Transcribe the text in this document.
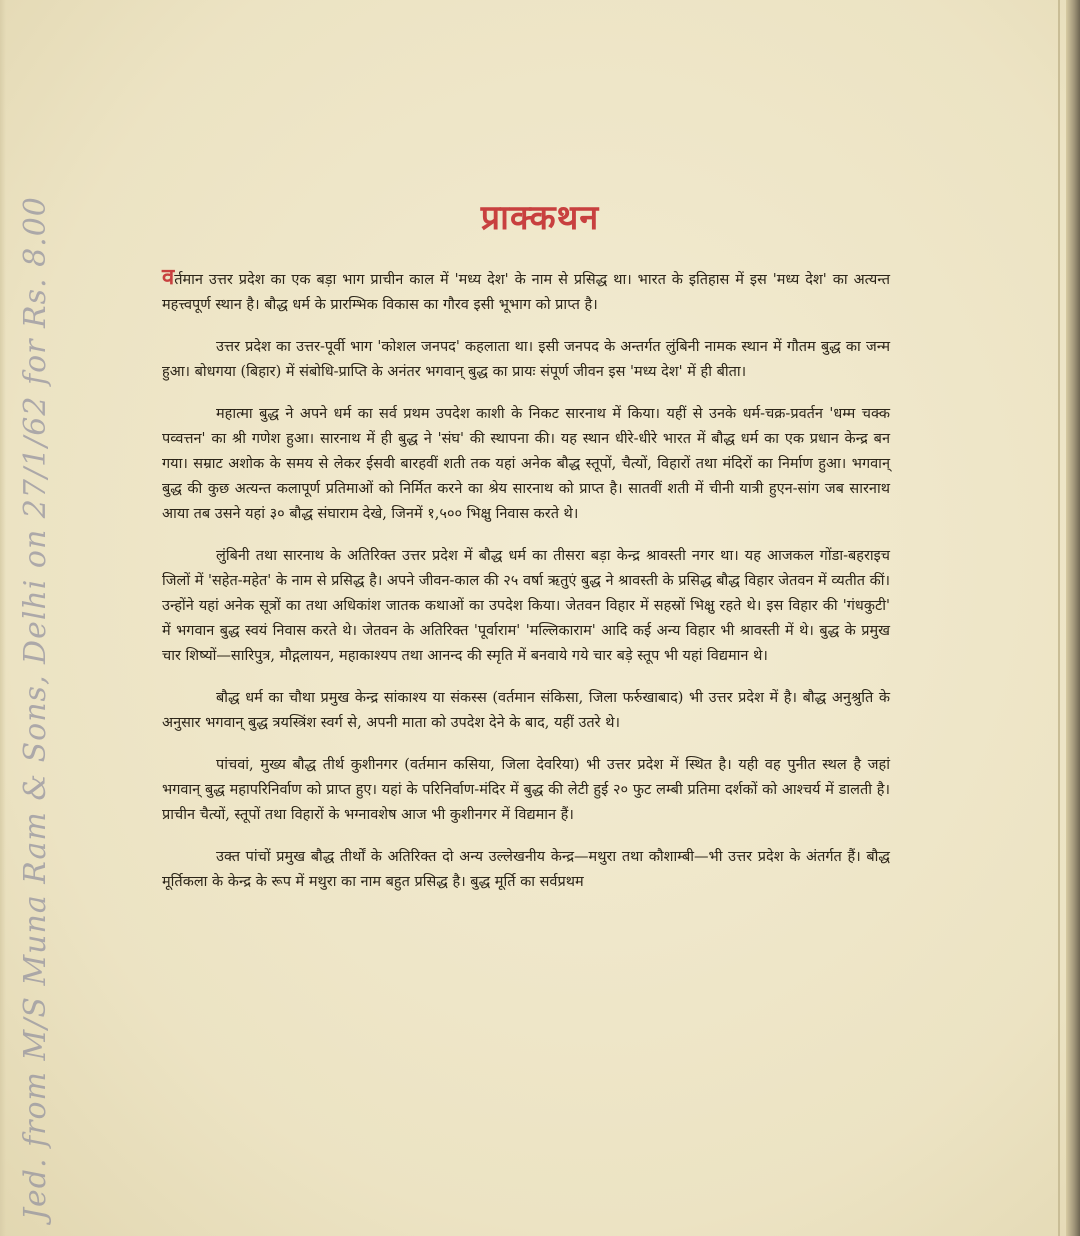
Jed. from M/S Muna Ram & Sons, Delhi on 27/1/62 for Rs. 8.00	प्राक्कथन

वर्तमान उत्तर प्रदेश का एक बड़ा भाग प्राचीन काल में 'मध्य देश' के नाम से प्रसिद्ध था। भारत के इतिहास में इस 'मध्य देश' का अत्यन्त महत्त्वपूर्ण स्थान है। बौद्ध धर्म के प्रारम्भिक विकास का गौरव इसी भूभाग को प्राप्त है।

उत्तर प्रदेश का उत्तर-पूर्वी भाग 'कोशल जनपद' कहलाता था। इसी जनपद के अन्तर्गत लुंबिनी नामक स्थान में गौतम बुद्ध का जन्म हुआ। बोधगया (बिहार) में संबोधि-प्राप्ति के अनंतर भगवान् बुद्ध का प्रायः संपूर्ण जीवन इस 'मध्य देश' में ही बीता।

महात्मा बुद्ध ने अपने धर्म का सर्व प्रथम उपदेश काशी के निकट सारनाथ में किया। यहीं से उनके धर्म-चक्र-प्रवर्तन 'धम्म चक्क पव्वत्तन' का श्री गणेश हुआ। सारनाथ में ही बुद्ध ने 'संघ' की स्थापना की। यह स्थान धीरे-धीरे भारत में बौद्ध धर्म का एक प्रधान केन्द्र बन गया। सम्राट अशोक के समय से लेकर ईसवी बारहवीं शती तक यहां अनेक बौद्ध स्तूपों, चैत्यों, विहारों तथा मंदिरों का निर्माण हुआ। भगवान् बुद्ध की कुछ अत्यन्त कलापूर्ण प्रतिमाओं को निर्मित करने का श्रेय सारनाथ को प्राप्त है। सातवीं शती में चीनी यात्री हुएन-सांग जब सारनाथ आया तब उसने यहां ३० बौद्ध संघाराम देखे, जिनमें १,५०० भिक्षु निवास करते थे।

लुंबिनी तथा सारनाथ के अतिरिक्त उत्तर प्रदेश में बौद्ध धर्म का तीसरा बड़ा केन्द्र श्रावस्ती नगर था। यह आजकल गोंडा-बहराइच जिलों में 'सहेत-महेत' के नाम से प्रसिद्ध है। अपने जीवन-काल की २५ वर्षा ऋतुएं बुद्ध ने श्रावस्ती के प्रसिद्ध बौद्ध विहार जेतवन में व्यतीत कीं। उन्होंने यहां अनेक सूत्रों का तथा अधिकांश जातक कथाओं का उपदेश किया। जेतवन विहार में सहस्रों भिक्षु रहते थे। इस विहार की 'गंधकुटी' में भगवान बुद्ध स्वयं निवास करते थे। जेतवन के अतिरिक्त 'पूर्वाराम' 'मल्लिकाराम' आदि कई अन्य विहार भी श्रावस्ती में थे। बुद्ध के प्रमुख चार शिष्यों—सारिपुत्र, मौद्गलायन, महाकाश्यप तथा आनन्द की स्मृति में बनवाये गये चार बड़े स्तूप भी यहां विद्यमान थे।

बौद्ध धर्म का चौथा प्रमुख केन्द्र सांकाश्य या संकस्स (वर्तमान संकिसा, जिला फर्रुखाबाद) भी उत्तर प्रदेश में है। बौद्ध अनुश्रुति के अनुसार भगवान् बुद्ध त्रयस्त्रिंश स्वर्ग से, अपनी माता को उपदेश देने के बाद, यहीं उतरे थे।

पांचवां, मुख्य बौद्ध तीर्थ कुशीनगर (वर्तमान कसिया, जिला देवरिया) भी उत्तर प्रदेश में स्थित है। यही वह पुनीत स्थल है जहां भगवान् बुद्ध महापरिनिर्वाण को प्राप्त हुए। यहां के परिनिर्वाण-मंदिर में बुद्ध की लेटी हुई २० फुट लम्बी प्रतिमा दर्शकों को आश्चर्य में डालती है। प्राचीन चैत्यों, स्तूपों तथा विहारों के भग्नावशेष आज भी कुशीनगर में विद्यमान हैं।

उक्त पांचों प्रमुख बौद्ध तीर्थों के अतिरिक्त दो अन्य उल्लेखनीय केन्द्र—मथुरा तथा कौशाम्बी—भी उत्तर प्रदेश के अंतर्गत हैं। बौद्ध मूर्तिकला के केन्द्र के रूप में मथुरा का नाम बहुत प्रसिद्ध है। बुद्ध मूर्ति का सर्वप्रथम
